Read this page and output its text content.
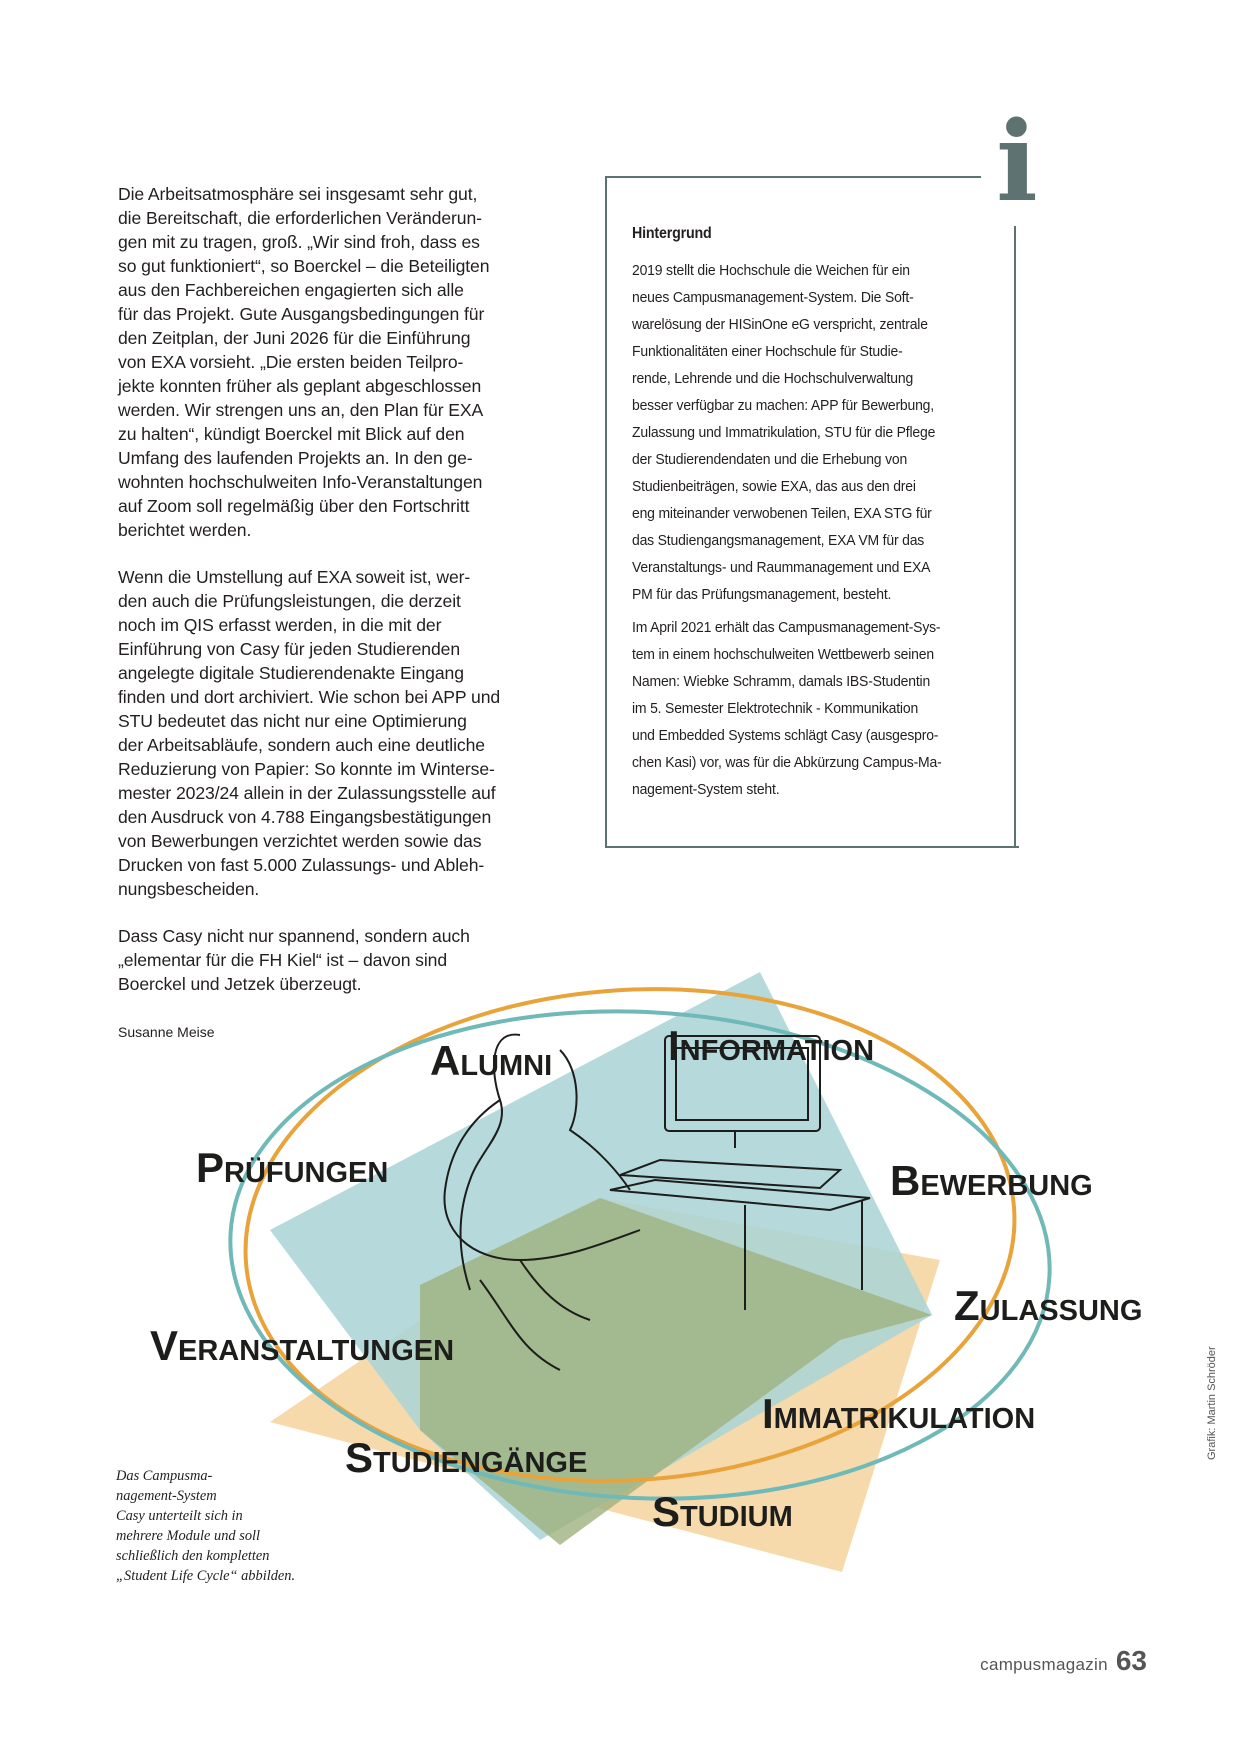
Die Arbeitsatmosphäre sei insgesamt sehr gut,
die Bereitschaft, die erforderlichen Veränderun-
gen mit zu tragen, groß. „Wir sind froh, dass es
so gut funktioniert“, so Boerckel – die Beteiligten
aus den Fachbereichen engagierten sich alle
für das Projekt. Gute Ausgangsbedingungen für
den Zeitplan, der Juni 2026 für die Einführung
von EXA vorsieht. „Die ersten beiden Teilpro-
jekte konnten früher als geplant abgeschlossen
werden. Wir strengen uns an, den Plan für EXA
zu halten“, kündigt Boerckel mit Blick auf den
Umfang des laufenden Projekts an. In den ge-
wohnten hochschulweiten Info-Veranstaltungen
auf Zoom soll regelmäßig über den Fortschritt
berichtet werden.

Wenn die Umstellung auf EXA soweit ist, wer-
den auch die Prüfungsleistungen, die derzeit
noch im QIS erfasst werden, in die mit der
Einführung von Casy für jeden Studierenden
angelegte digitale Studierendenakte Eingang
finden und dort archiviert. Wie schon bei APP und
STU bedeutet das nicht nur eine Optimierung
der Arbeitsabläufe, sondern auch eine deutliche
Reduzierung von Papier: So konnte im Winterse-
mester 2023/24 allein in der Zulassungsstelle auf
den Ausdruck von 4.788 Eingangsbestätigungen
von Bewerbungen verzichtet werden sowie das
Drucken von fast 5.000 Zulassungs- und Ableh-
nungsbescheiden.

Dass Casy nicht nur spannend, sondern auch
„elementar für die FH Kiel“ ist – davon sind
Boerckel und Jetzek überzeugt.

Susanne Meise
i
Hintergrund

2019 stellt die Hochschule die Weichen für ein
neues Campusmanagement-System. Die Soft-
warelösung der HISinOne eG verspricht, zentrale
Funktionalitäten einer Hochschule für Studie-
rende, Lehrende und die Hochschulverwaltung
besser verfügbar zu machen: APP für Bewerbung,
Zulassung und Immatrikulation, STU für die Pflege
der Studierendendaten und die Erhebung von
Studienbeiträgen, sowie EXA, das aus den drei
eng miteinander verwobenen Teilen, EXA STG für
das Studiengangsmanagement, EXA VM für das
Veranstaltungs- und Raummanagement und EXA
PM für das Prüfungsmanagement, besteht.

Im April 2021 erhält das Campusmanagement-Sys-
tem in einem hochschulweiten Wettbewerb seinen
Namen: Wiebke Schramm, damals IBS-Studentin
im 5. Semester Elektrotechnik - Kommunikation
und Embedded Systems schlägt Casy (ausgespro-
chen Kasi) vor, was für die Abkürzung Campus-Ma-
nagement-System steht.

Alumni	Information
Prüfungen	Bewerbung
Zulassung
Veranstaltungen
Immatrikulation
Studiengänge
Studium
Das Campusma-
nagement-System
Casy unterteilt sich in
mehrere Module und soll
schließlich den kompletten
„Student Life Cycle“ abbilden.
Grafik: Martin Schröder
campusmagazin 63
